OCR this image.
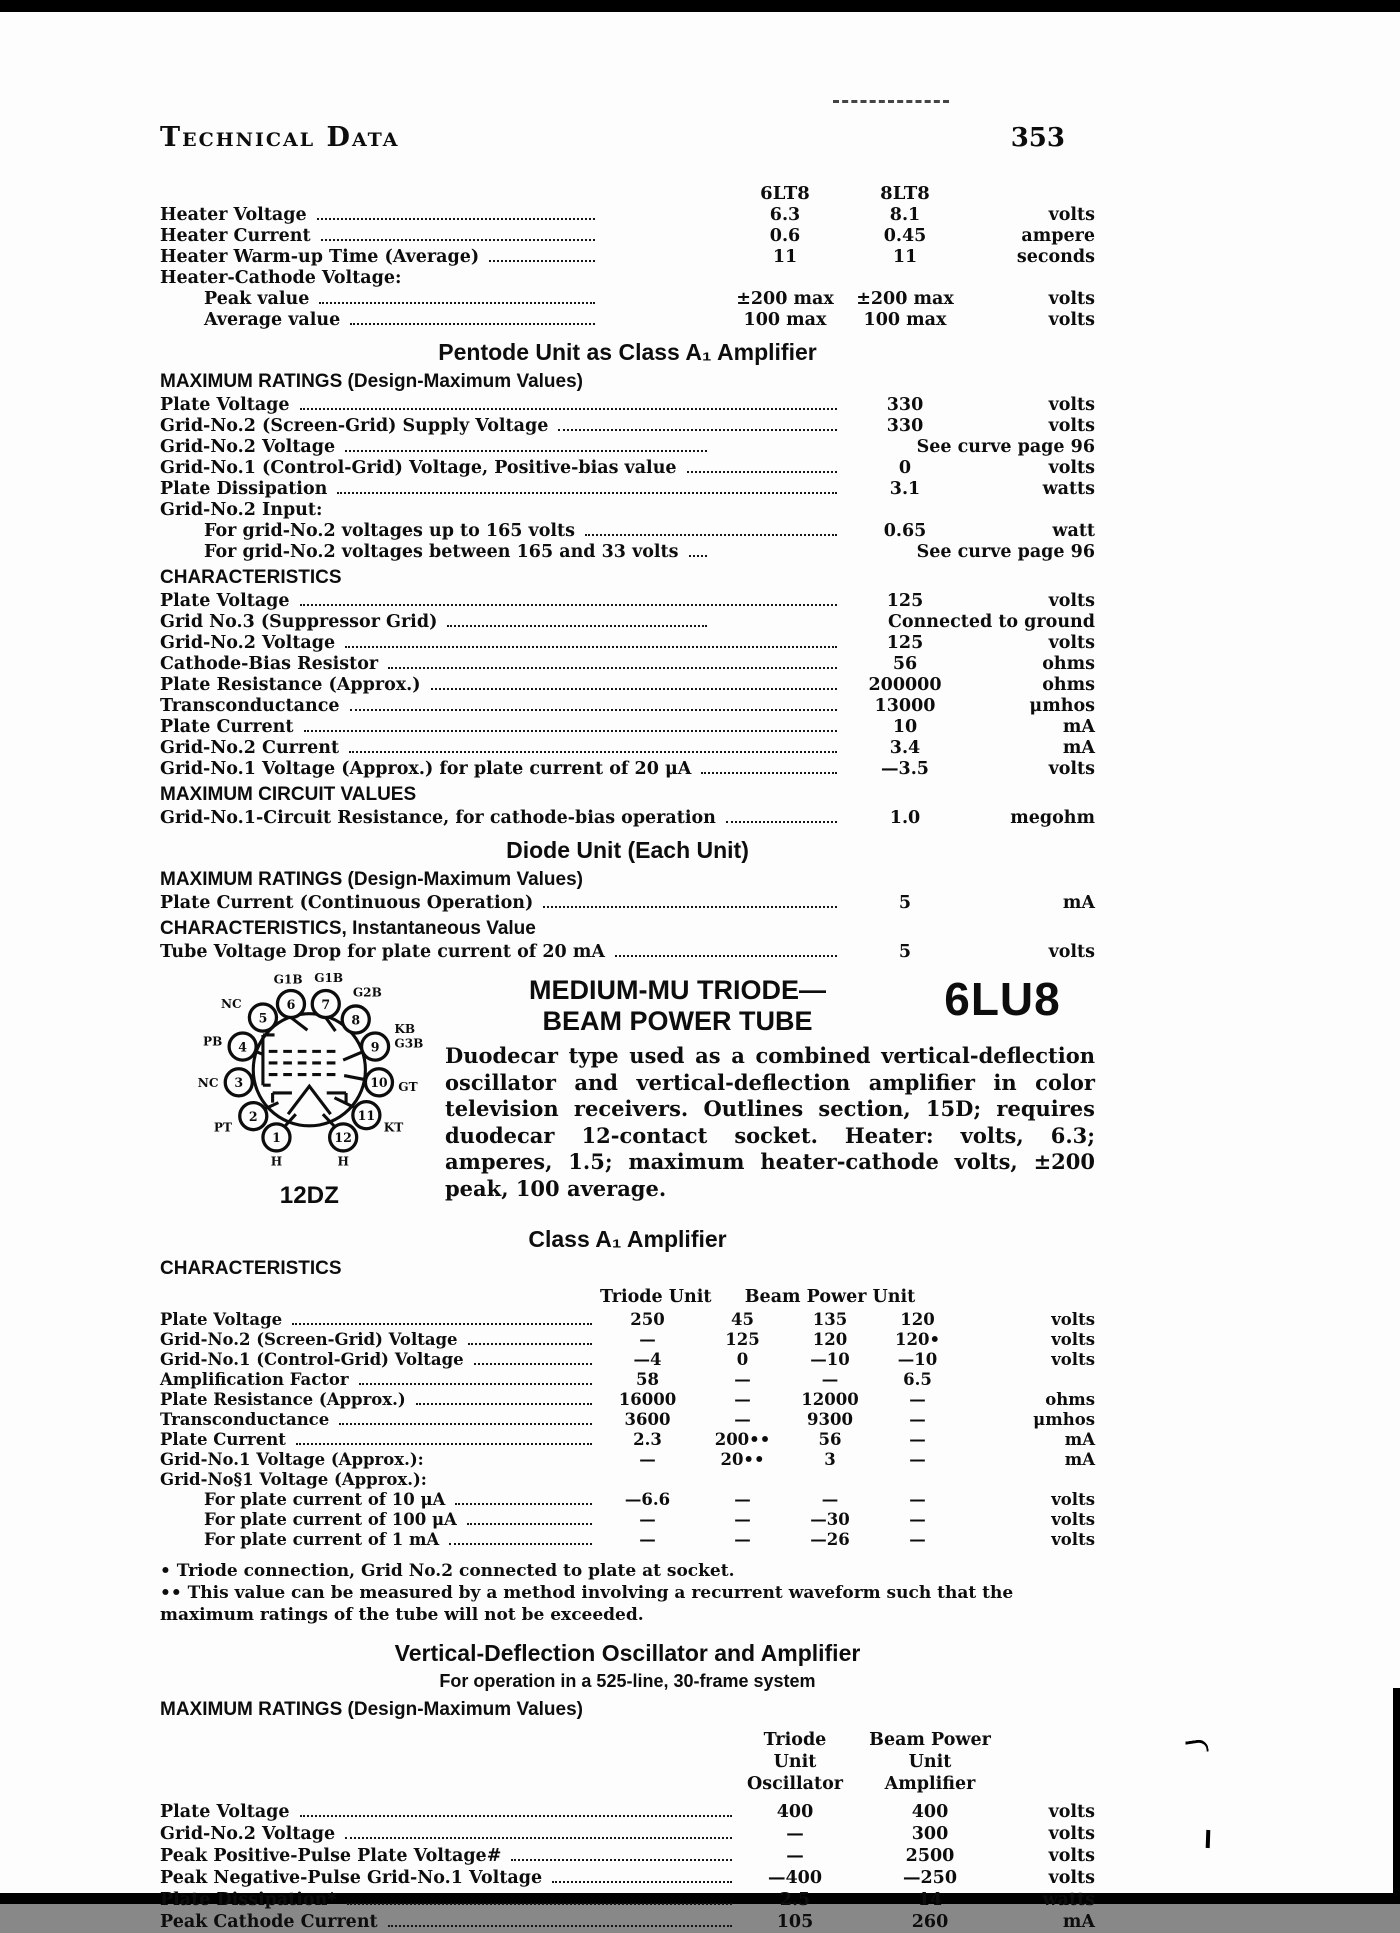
Technical Data	353
6LT8	8LT8
Heater Voltage	6.3	8.1	volts
Heater Current	0.6	0.45	ampere
Heater Warm-up Time (Average)	11	11	seconds
Heater-Cathode Voltage:
Peak value	±200 max	±200 max	volts
Average value	100 max	100 max	volts
Pentode Unit as Class A₁ Amplifier
MAXIMUM RATINGS (Design-Maximum Values)
Plate Voltage	330	volts
Grid-No.2 (Screen-Grid) Supply Voltage	330	volts
Grid-No.2 Voltage	See curve page 96
Grid-No.1 (Control-Grid) Voltage, Positive-bias value	0	volts
Plate Dissipation	3.1	watts
Grid-No.2 Input:
For grid-No.2 voltages up to 165 volts	0.65	watt
For grid-No.2 voltages between 165 and 33 volts	See curve page 96
CHARACTERISTICS
Plate Voltage	125	volts
Grid No.3 (Suppressor Grid)	Connected to ground
Grid-No.2 Voltage	125	volts
Cathode-Bias Resistor	56	ohms
Plate Resistance (Approx.)	200000	ohms
Transconductance	13000	μmhos
Plate Current	10	mA
Grid-No.2 Current	3.4	mA
Grid-No.1 Voltage (Approx.) for plate current of 20 μA	—3.5	volts
MAXIMUM CIRCUIT VALUES
Grid-No.1-Circuit Resistance, for cathode-bias operation	1.0	megohm
Diode Unit (Each Unit)
MAXIMUM RATINGS (Design-Maximum Values)
Plate Current (Continuous Operation)	5	mA
CHARACTERISTICS, Instantaneous Value
Tube Voltage Drop for plate current of 20 mA	5	volts
1
2
3
4
5
6 7
8
9
10
11
12
H
PT
NC
PB
NC
G1B G1B
G2B
KB
G3B
GT
KT
H
12DZ
MEDIUM-MU TRIODE—
BEAM POWER TUBE	6LU8

Duodecar type used as a combined vertical-deflection oscillator and vertical-deflection amplifier in color television receivers. Outlines section, 15D; requires duodecar 12-contact socket. Heater: volts, 6.3; amperes, 1.5; maximum heater-cathode volts, ±200 peak, 100 average.

Class A₁ Amplifier
CHARACTERISTICS
Triode Unit	Beam Power Unit
Plate Voltage	250	45	135	120	volts
Grid-No.2 (Screen-Grid) Voltage	—	125	120	120•	volts
Grid-No.1 (Control-Grid) Voltage	—4	0	—10	—10	volts
Amplification Factor	58	—	—	6.5
Plate Resistance (Approx.)	16000	—	12000	—	ohms
Transconductance	3600	—	9300	—	μmhos
Plate Current	2.3	200••	56	—	mA
Grid-No.1 Voltage (Approx.):	—	20••	3	—	mA
Grid-No§1 Voltage (Approx.):
For plate current of 10 μA	—6.6	—	—	—	volts
For plate current of 100 μA	—	—	—30	—	volts
For plate current of 1 mA	—	—	—26	—	volts

• Triode connection, Grid No.2 connected to plate at socket.

•• This value can be measured by a method involving a recurrent waveform such that the maximum ratings of the tube will not be exceeded.

Vertical-Deflection Oscillator and Amplifier
For operation in a 525-line, 30-frame system
MAXIMUM RATINGS (Design-Maximum Values)
Triode Unit
Oscillator
Beam Power Unit
Amplifier
Plate Voltage	400	400	volts
Grid-No.2 Voltage	—	300	volts
Peak Positive-Pulse Plate Voltage#	—	2500	volts
Peak Negative-Pulse Grid-No.1 Voltage	—400	—250	volts
Plate Dissipation*	2.5	14	watts
Peak Cathode Current	105	260	mA
